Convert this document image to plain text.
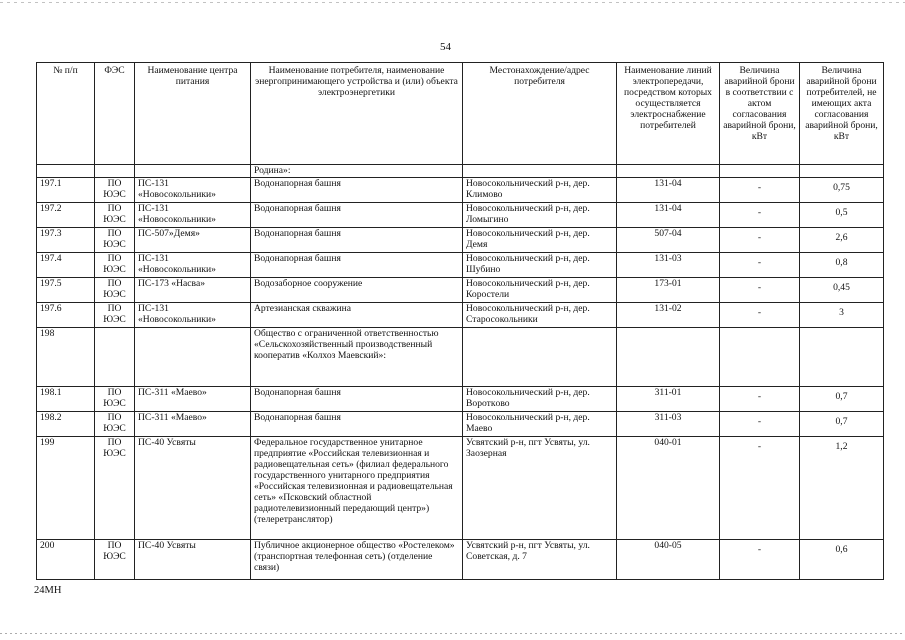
54
№ п/п	ФЭС	Наименование центра питания	Наименование потребителя, наименование энергопринимающего устройства и (или) объекта электроэнергетики	Местонахождение/адрес потребителя	Наименование линий электропередачи, посредством которых осуществляется электроснабжение потребителей	Величина аварийной брони в соответствии с актом согласования аварийной брони, кВт	Величина аварийной брони потребителей, не имеющих акта согласования аварийной брони, кВт
			Родина»:				
197.1	ПО ЮЭС	ПС-131 «Новосокольники»	Водонапорная башня	Новосокольнический р-н, дер. Климово	131-04	-	0,75
197.2	ПО ЮЭС	ПС-131 «Новосокольники»	Водонапорная башня	Новосокольнический р-н, дер. Ломыгино	131-04	-	0,5
197.3	ПО ЮЭС	ПС-507»Демя»	Водонапорная башня	Новосокольнический р-н, дер. Демя	507-04	-	2,6
197.4	ПО ЮЭС	ПС-131 «Новосокольники»	Водонапорная башня	Новосокольнический р-н, дер. Шубино	131-03	-	0,8
197.5	ПО ЮЭС	ПС-173 «Насва»	Водозаборное сооружение	Новосокольнический р-н, дер. Коростели	173-01	-	0,45
197.6	ПО ЮЭС	ПС-131 «Новосокольники»	Артезианская скважина	Новосокольнический р-н, дер. Старосокольники	131-02	-	3
198			Общество с ограниченной ответственностью «Сельскохозяйственный производственный кооператив «Колхоз Маевский»:				
198.1	ПО ЮЭС	ПС-311 «Маево»	Водонапорная башня	Новосокольнический р-н, дер. Вороткoво	311-01	-	0,7
198.2	ПО ЮЭС	ПС-311 «Маево»	Водонапорная башня	Новосокольнический р-н, дер. Маево	311-03	-	0,7
199	ПО ЮЭС	ПС-40 Усвяты	Федеральное государственное унитарное предприятие «Российская телевизионная и радиовещательная сеть» (филиал федерального государственного унитарного предприятия «Российская телевизионная и радиовещательная сеть» «Псковский областной радиотелевизионный передающий центр») (телеретранслятор)	Усвятский р-н, пгт Усвяты, ул. Заозерная	040-01	-	1,2
200	ПО ЮЭС	ПС-40 Усвяты	Публичное акционерное общество «Ростелеком» (транспортная телефонная сеть) (отделение связи)	Усвятский р-н, пгт Усвяты, ул. Советская, д. 7	040-05	-	0,6
24МН
